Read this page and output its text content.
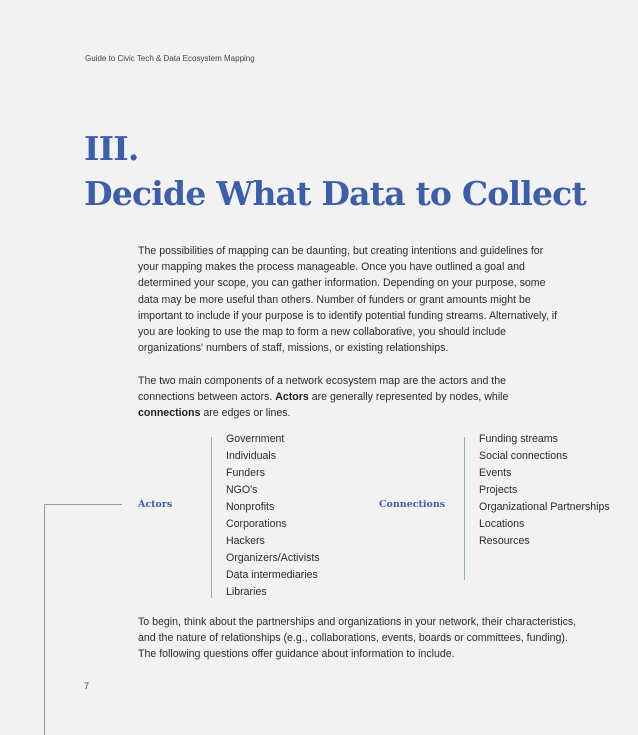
Guide to Civic Tech & Data Ecosystem Mapping
III.
Decide What Data to Collect

The possibilities of mapping can be daunting, but creating intentions and guidelines for your mapping makes the process manageable. Once you have outlined a goal and determined your scope, you can gather information. Depending on your purpose, some data may be more useful than others. Number of funders or grant amounts might be important to include if your purpose is to identify potential funding streams. Alternatively, if you are looking to use the map to form a new collaborative, you should include organizations' numbers of staff, missions, or existing relationships.

The two main components of a network ecosystem map are the actors and the connections between actors. Actors are generally represented by nodes, while connections are edges or lines.

Actors
Government
Individuals
Funders
NGO's
Nonprofits
Corporations
Hackers
Organizers/Activists
Data intermediaries
Libraries
Connections
Funding streams
Social connections
Events
Projects
Organizational Partnerships
Locations
Resources

To begin, think about the partnerships and organizations in your network, their characteristics, and the nature of relationships (e.g., collaborations, events, boards or committees, funding). The following questions offer guidance about information to include.

7
